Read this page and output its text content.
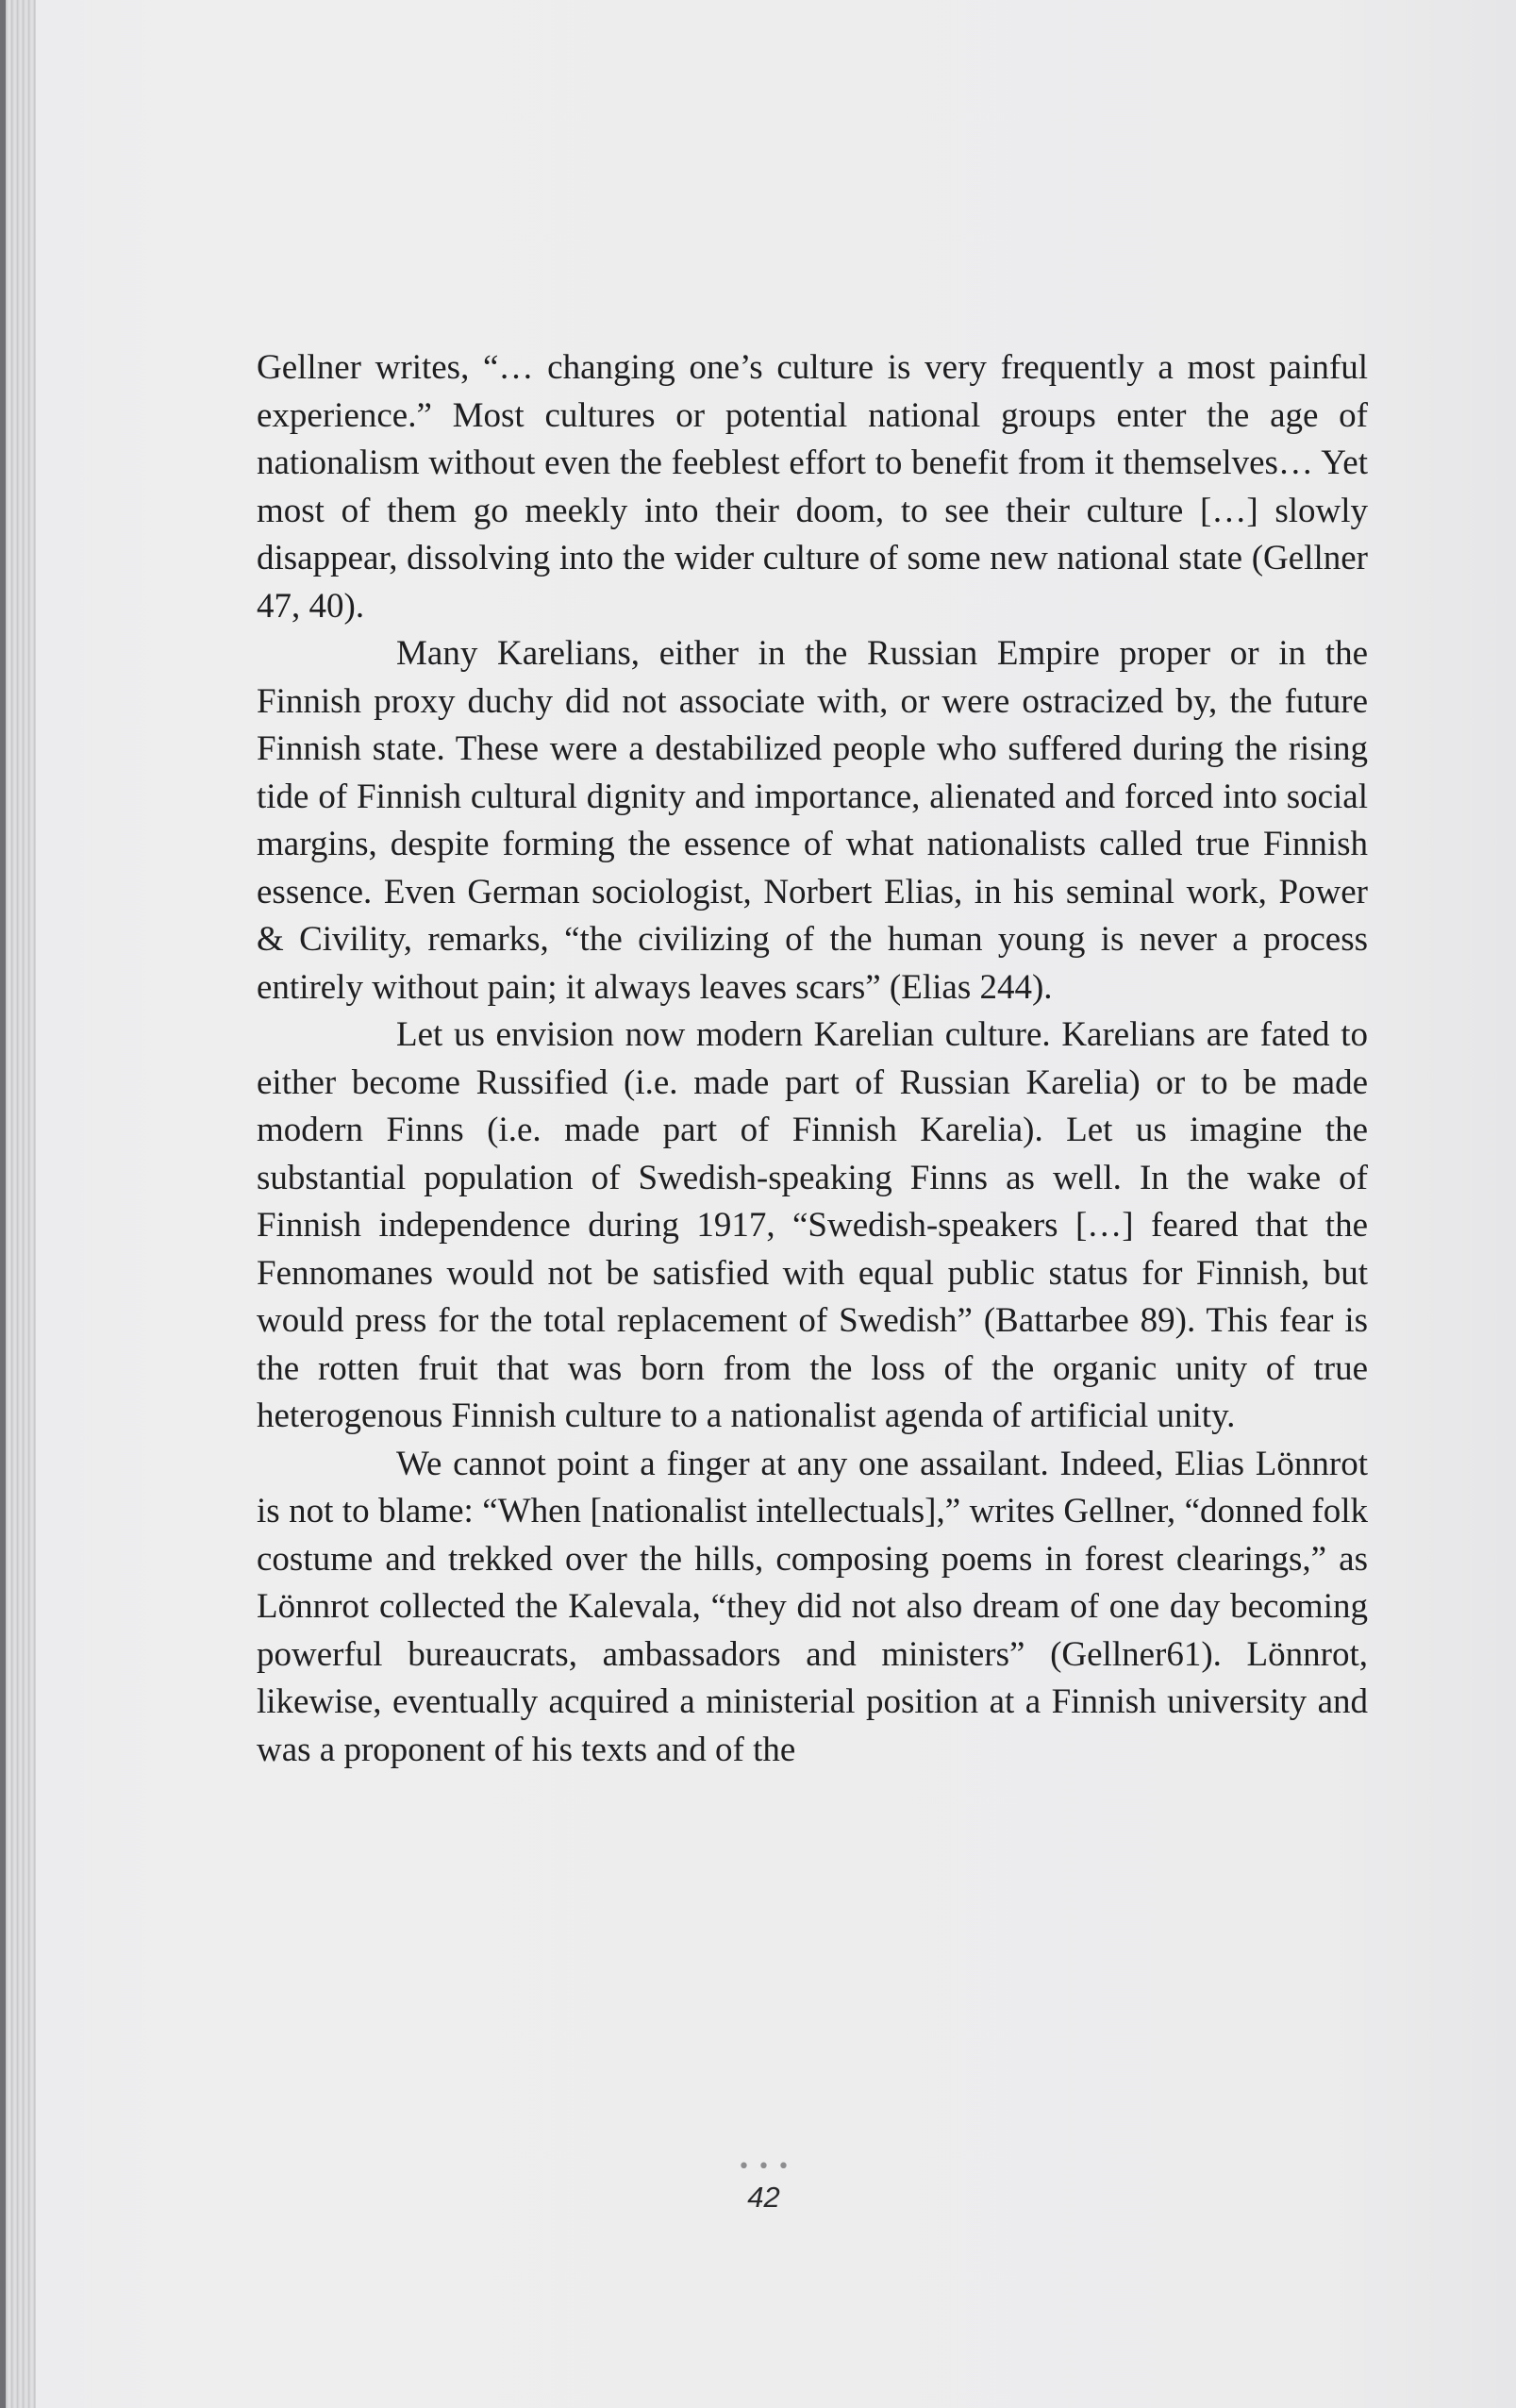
Gellner writes, “… changing one’s culture is very frequently a most painful experience.” Most cultures or potential national groups enter the age of nationalism without even the feeblest effort to benefit from it themselves… Yet most of them go meekly into their doom, to see their culture […] slowly disappear, dissolving into the wider culture of some new national state (Gellner 47, 40).

Many Karelians, either in the Russian Empire proper or in the Finnish proxy duchy did not associate with, or were ostracized by, the future Finnish state. These were a destabilized people who suffered during the rising tide of Finnish cultural dignity and importance, alienated and forced into social margins, despite forming the essence of what nationalists called true Finnish essence. Even German sociologist, Norbert Elias, in his seminal work, Power & Civility, remarks, “the civilizing of the human young is never a process entirely without pain; it always leaves scars” (Elias 244).

Let us envision now modern Karelian culture. Karelians are fated to either become Russified (i.e. made part of Russian Karelia) or to be made modern Finns (i.e. made part of Finnish Karelia). Let us imagine the substantial population of Swedish-speaking Finns as well. In the wake of Finnish independence during 1917, “Swedish-speakers […] feared that the Fennomanes would not be satisfied with equal public status for Finnish, but would press for the total replacement of Swedish” (Battarbee 89). This fear is the rotten fruit that was born from the loss of the organic unity of true heterogenous Finnish culture to a nationalist agenda of artificial unity.

We cannot point a finger at any one assailant. Indeed, Elias Lönnrot is not to blame: “When [nationalist intellectuals],” writes Gellner, “donned folk costume and trekked over the hills, composing poems in forest clearings,” as Lönnrot collected the Kalevala, “they did not also dream of one day becoming powerful bureaucrats, ambassadors and ministers” (Gellner61). Lönnrot, likewise, eventually acquired a ministerial position at a Finnish university and was a proponent of his texts and of the

•••
42
